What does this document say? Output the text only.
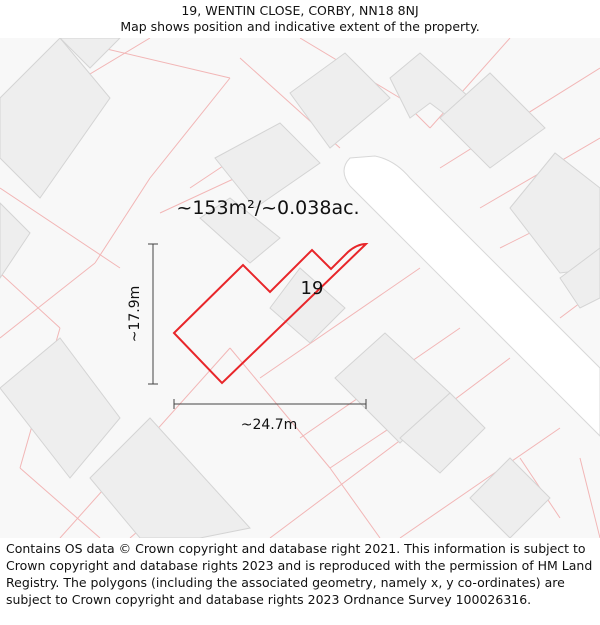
19, WENTIN CLOSE, CORBY, NN18 8NJ
Map shows position and indicative extent of the property.
~153m²/~0.038ac.
19
~17.9m
~24.7m
Contains OS data © Crown copyright and database right 2021. This information is subject to Crown copyright and database rights 2023 and is reproduced with the permission of HM Land Registry. The polygons (including the associated geometry, namely x, y co-ordinates) are subject to Crown copyright and database rights 2023 Ordnance Survey 100026316.
